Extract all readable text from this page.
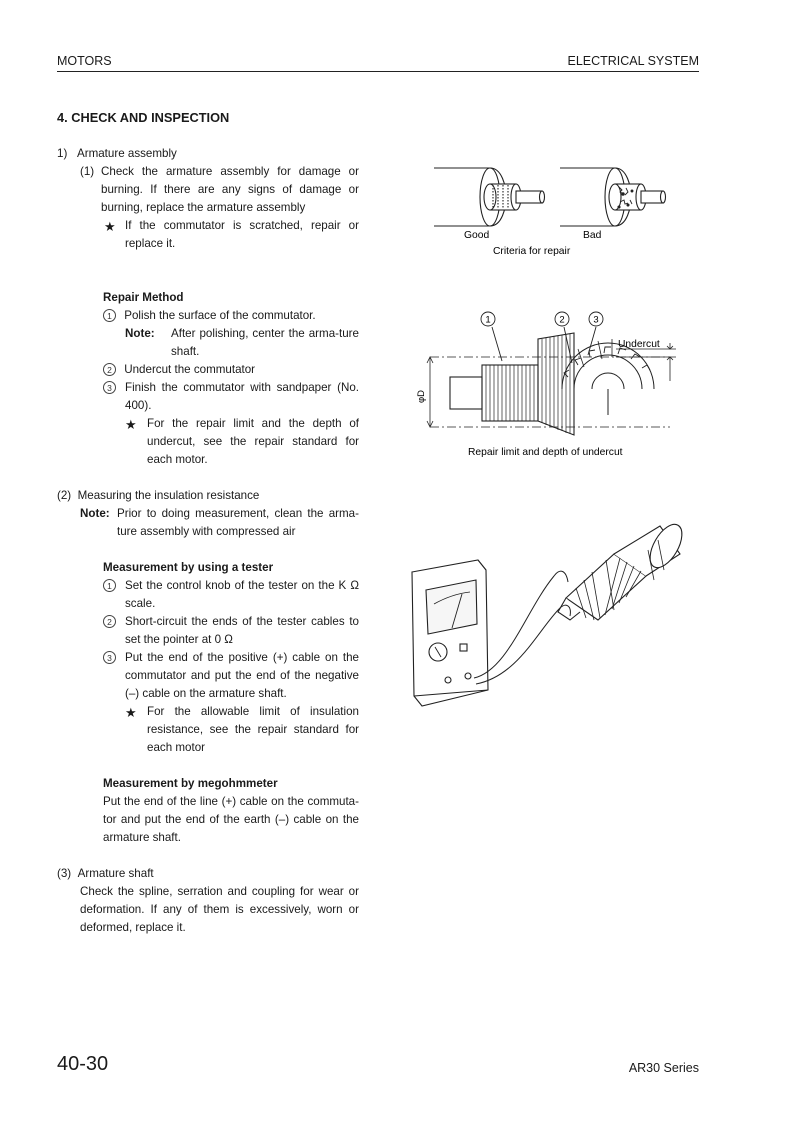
MOTORS	ELECTRICAL SYSTEM
4. CHECK AND INSPECTION
1)   Armature assembly
(1) Check the armature assembly for damage or burning. If there are any signs of damage or burning, replace the armature assembly
★ If the commutator is scratched, repair or replace it.
Repair Method
1 Polish the surface of the commutator.
Note: After polishing, center the arma-ture shaft.
2 Undercut the commutator
3	Finish the commutator with sandpaper (No. 400).
★ For the repair limit and the depth of undercut, see the repair standard for each motor.
(2)  Measuring the insulation resistance
Note: Prior to doing measurement, clean the arma-ture assembly with compressed air
Measurement by using a tester
1	Set the control knob of the tester on the K Ω scale.
2	Short-circuit the ends of the tester cables to set the pointer at 0 Ω
3	Put the end of the positive (+) cable on the commutator and put the end of the negative (–) cable on the armature shaft.
★ For the allowable limit of insulation resistance, see the repair standard for each motor
Measurement by megohmmeter
Put the end of the line (+) cable on the commuta-tor and put the end of the earth (–) cable on the armature shaft.
(3)  Armature shaft
Check the spline, serration and coupling for wear or deformation. If any of them is excessively, worn or deformed, replace it.
Good	Bad
Criteria for repair
1	2	3
Undercut
φD
Repair limit and depth of undercut
40-30	AR30 Series
